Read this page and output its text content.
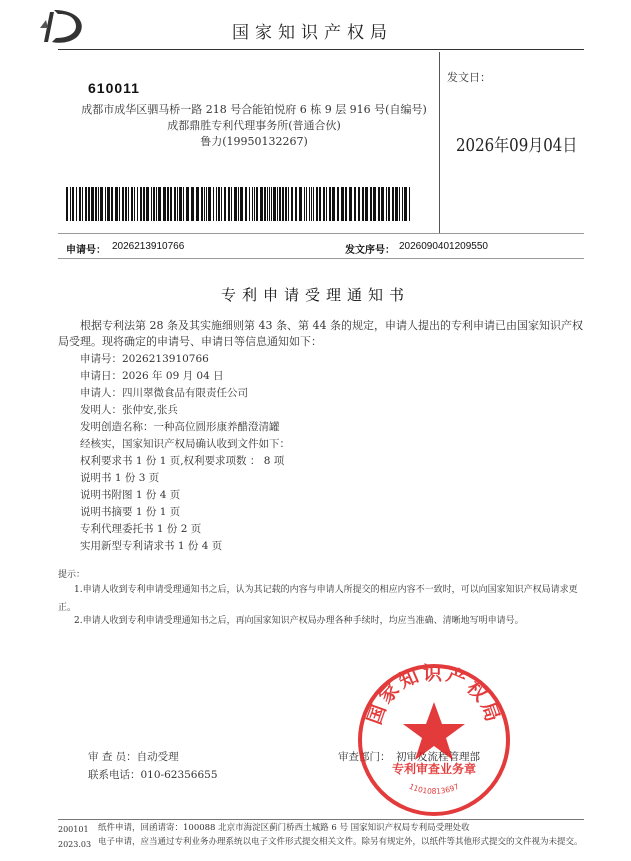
国家知识产权局
610011
成都市成华区驷马桥一路 218 号合能铂悦府 6 栋 9 层 916 号(自编号)
成都鼎胜专利代理事务所(普通合伙)
鲁力(19950132267)
发文日：
2026年09月04日
申请号： 2026213910766	发文序号： 2026090401209550
专利申请受理通知书
根据专利法第 28 条及其实施细则第 43 条、第 44 条的规定，申请人提出的专利申请已由国家知识产权局受理。现将确定的申请号、申请日等信息通知如下：
申请号：2026213910766
申请日：2026 年 09 月 04 日
申请人：四川翠微食品有限责任公司
发明人：张仲安,张兵
发明创造名称：一种高位圆形康养醋澄清罐
经核实，国家知识产权局确认收到文件如下：
权利要求书 1 份 1 页,权利要求项数 ： 8 项
说明书 1 份 3 页
说明书附图 1 份 4 页
说明书摘要 1 份 1 页
专利代理委托书 1 份 2 页
实用新型专利请求书 1 份 4 页
提示：
1.申请人收到专利申请受理通知书之后，认为其记载的内容与申请人所提交的相应内容不一致时，可以向国家知识产权局请求更正。
2.申请人收到专利申请受理通知书之后，再向国家知识产权局办理各种手续时，均应当准确、清晰地写明申请号。
审 查 员：自动受理
联系电话：010-62356655
审查部门： 初审及流程管理部
国家知识产权局
专利审查业务章
11010813697
200101
2023.03
纸件申请，回函请寄：100088 北京市海淀区蓟门桥西土城路 6 号 国家知识产权局专利局受理处收
电子申请，应当通过专利业务办理系统以电子文件形式提交相关文件。除另有规定外，以纸件等其他形式提交的文件视为未提交。
